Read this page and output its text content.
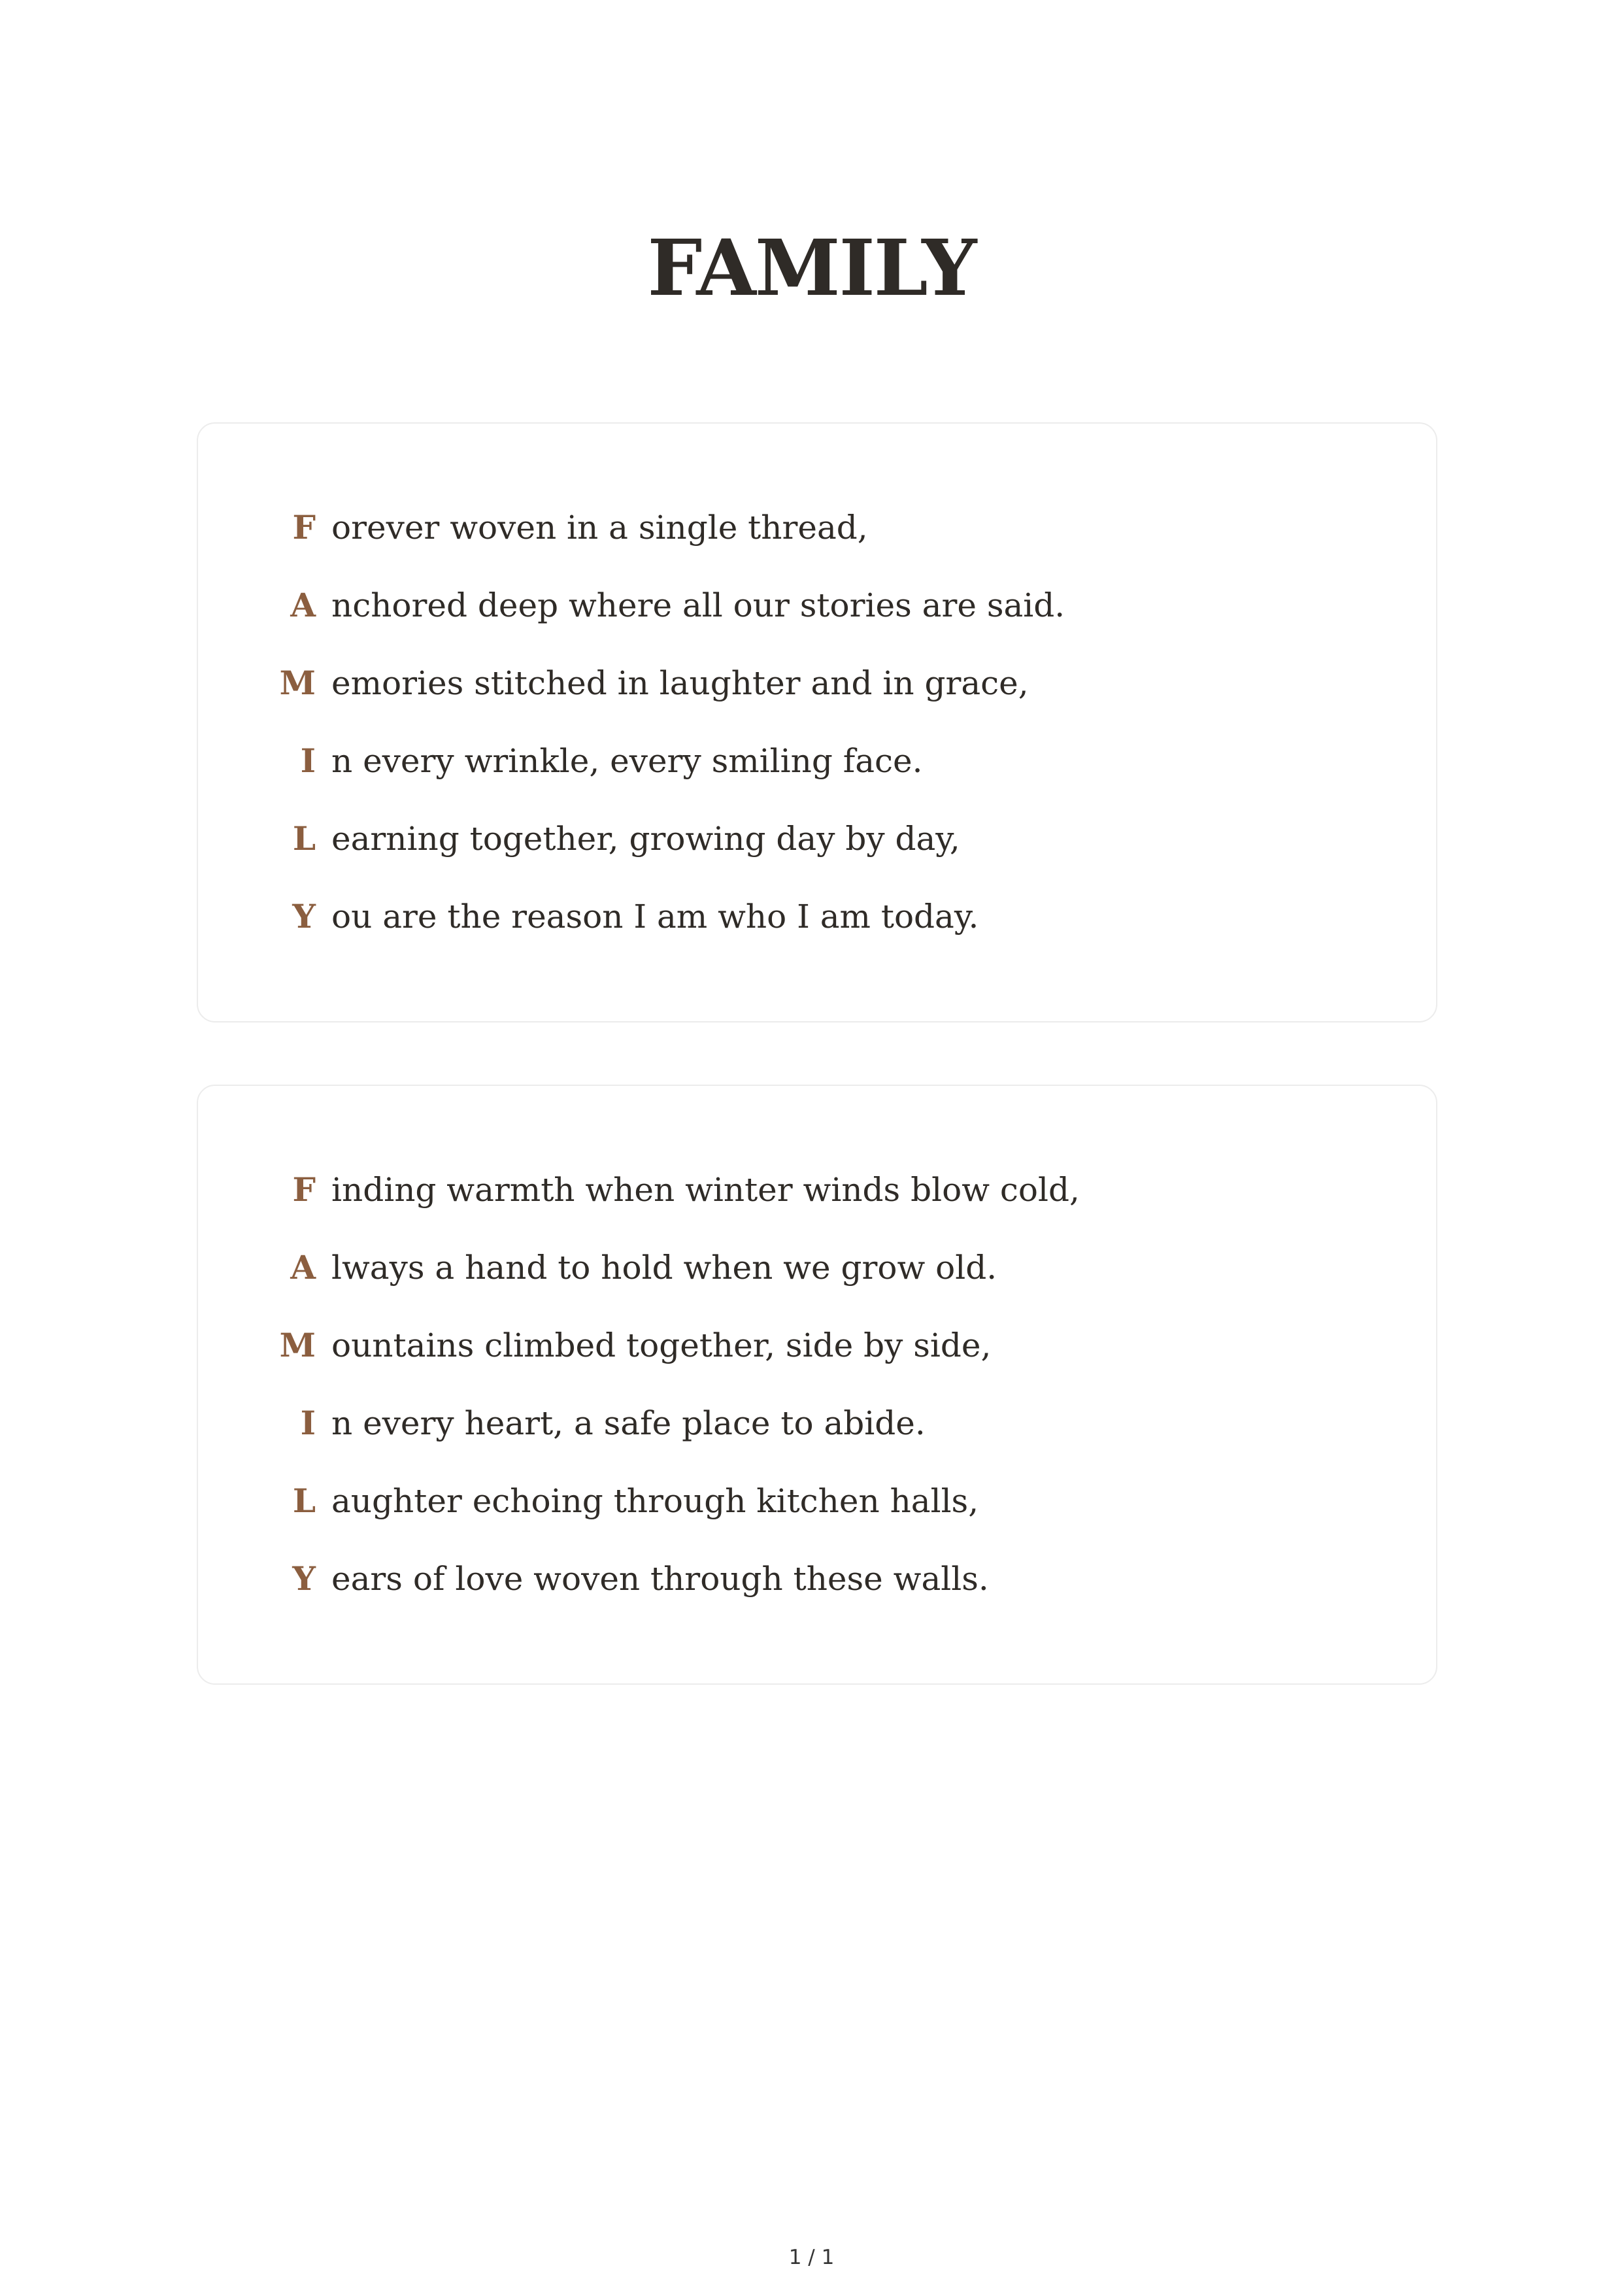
FAMILY
F orever woven in a single thread,
A nchored deep where all our stories are said.
M emories stitched in laughter and in grace,
I n every wrinkle, every smiling face.
L earning together, growing day by day,
Y ou are the reason I am who I am today.
F inding warmth when winter winds blow cold,
A lways a hand to hold when we grow old.
M ountains climbed together, side by side,
I n every heart, a safe place to abide.
L aughter echoing through kitchen halls,
Y ears of love woven through these walls.
1 / 1
